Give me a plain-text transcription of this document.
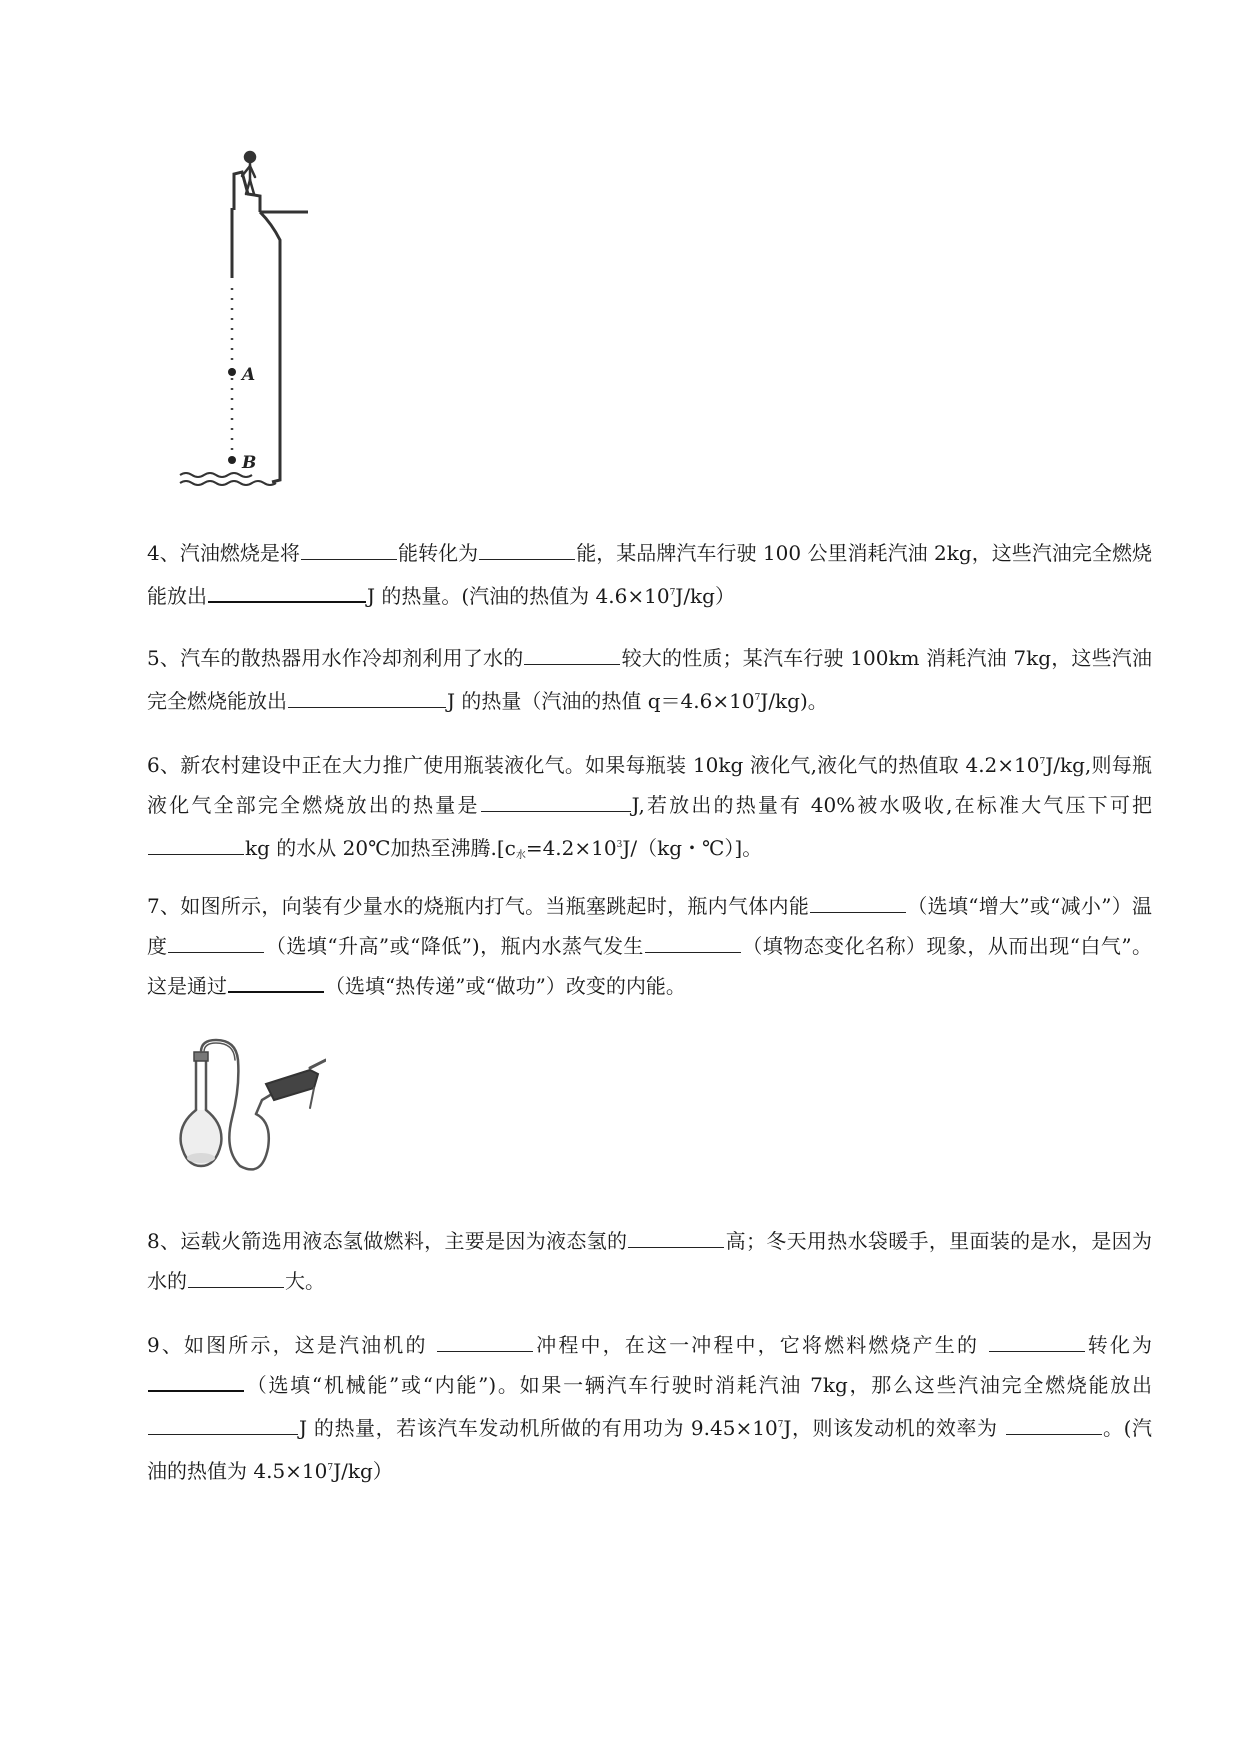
A
B
4、汽油燃烧是将	能转化为	能，某品牌汽车行驶 100 公里消耗汽油 2kg，这些汽油完全燃烧能放出	J 的热量。(汽油的热值为 $4.6\times 10^7J/kg$）
5、汽车的散热器用水作冷却剂利用了水的	较大的性质；某汽车行驶 100km 消耗汽油 7kg，这些汽油完全燃烧能放出	J 的热量（汽油的热值 $q=4.6\times 10^7J/kg$)。
6、新农村建设中正在大力推广使用瓶装液化气。如果每瓶装 10kg 液化气,液化气的热值取 $4.2\times 10^7J/kg$,则每瓶液化气全部完全燃烧放出的热量是	J,若放出的热量有 40%被水吸收,在标准大气压下可把kg 的水从 20℃加热至沸腾$.[c_水=4.2\times 10^3J/(kg$・℃）]。
7、如图所示，向装有少量水的烧瓶内打气。当瓶塞跳起时，瓶内气体内能	（选填“增大”或“减小”）温度	（选填“升高”或“降低”)，瓶内水蒸气发生	（填物态变化名称）现象，从而出现“白气”。这是通过	（选填“热传递”或“做功”）改变的内能。
8、运载火箭选用液态氢做燃料，主要是因为液态氢的	高；冬天用热水袋暖手，里面装的是水，是因为水的	大。
9、如图所示，这是汽油机的	冲程中，在这一冲程中，它将燃料燃烧产生的	转化为（选填“机械能”或“内能”)。如果一辆汽车行驶时消耗汽油 7kg，那么这些汽油完全燃烧能放出 J 的热量，若该汽车发动机所做的有用功为 $9.45\times 10^7J$，则该发动机的效率为	。(汽油的热值为 $4.5\times 10^7J/kg$）
